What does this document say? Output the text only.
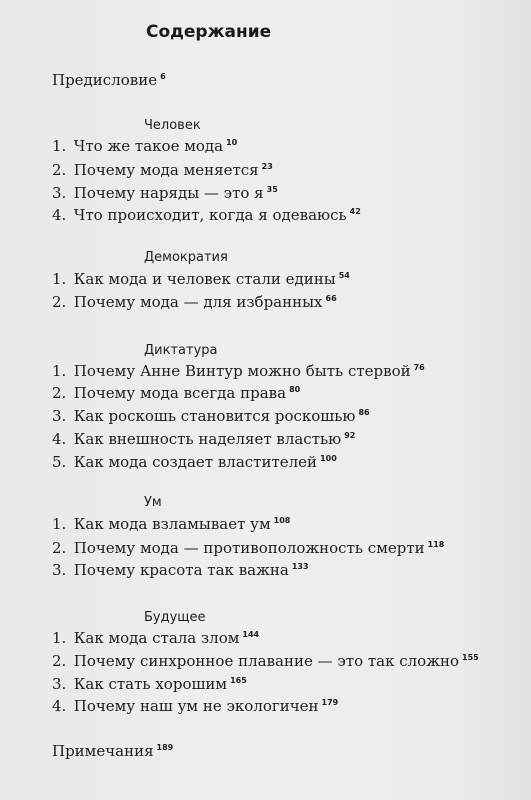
Содержание
Предисловие $^6$
Человек
1. Что же такое мода $^{10}$
2. Почему мода меняется $^{23}$
3. Почему наряды — это я $^{35}$
4. Что происходит, когда я одеваюсь $^{42}$
Демократия
1. Как мода и человек стали едины $^{54}$
2. Почему мода — для избранных $^{66}$
Диктатура
1. Почему Анне Винтур можно быть стервой $^{76}$
2. Почему мода всегда права $^{80}$
3. Как роскошь становится роскошью $^{86}$
4. Как внешность наделяет властью $^{92}$
5. Как мода создает властителей $^{100}$
Ум
1. Как мода взламывает ум $^{108}$
2. Почему мода — противоположность смерти $^{118}$
3. Почему красота так важна $^{133}$
Будущее
1. Как мода стала злом $^{144}$
2. Почему синхронное плавание — это так сложно $^{155}$
3. Как стать хорошим $^{165}$
4. Почему наш ум не экологичен $^{179}$
Примечания $^{189}$
